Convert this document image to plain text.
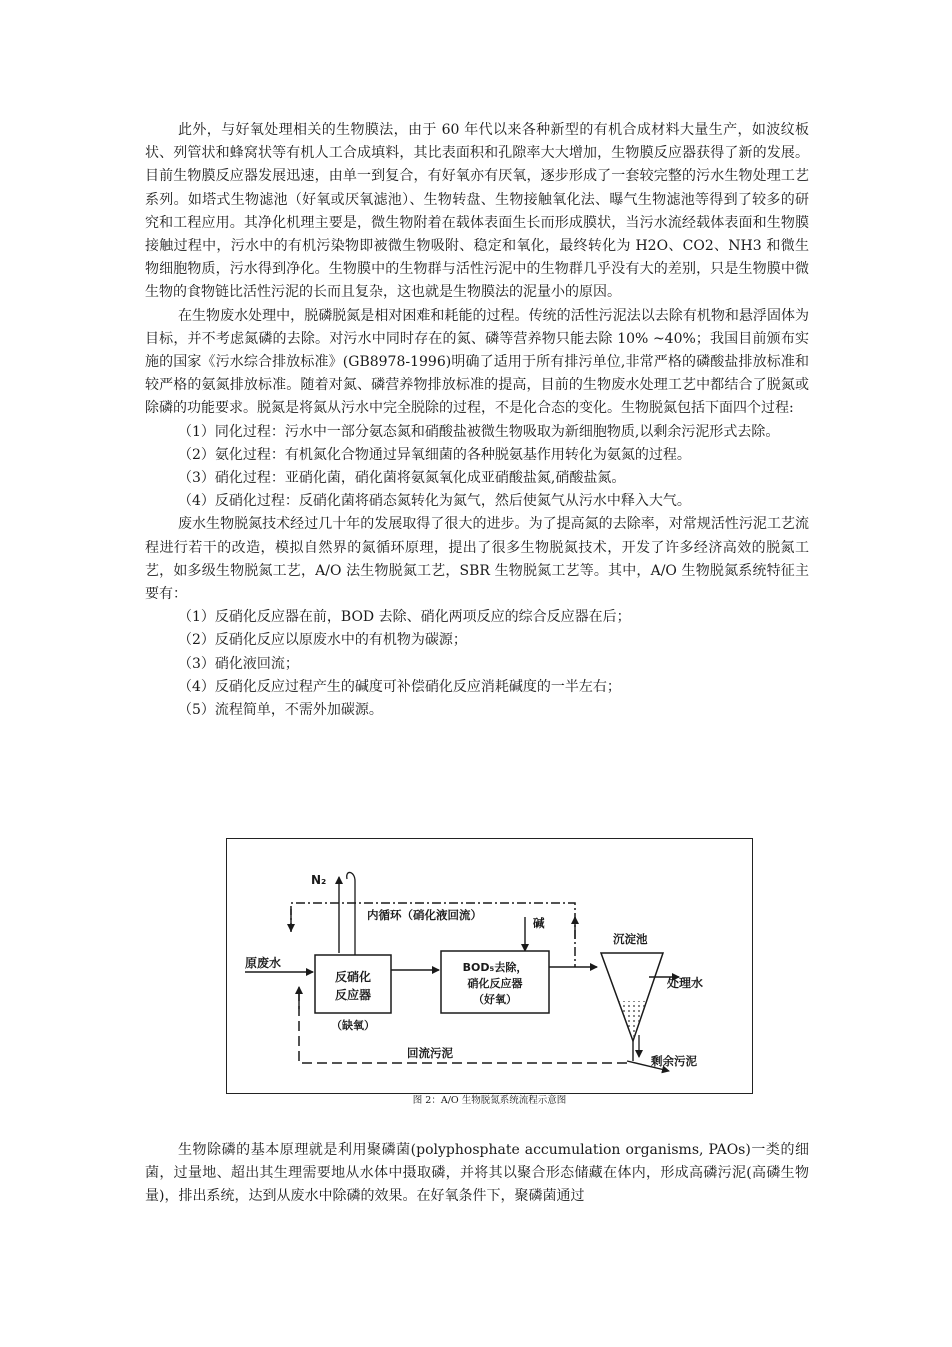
此外，与好氧处理相关的生物膜法，由于 60 年代以来各种新型的有机合成材料大量生产，如波纹板状、列管状和蜂窝状等有机人工合成填料，其比表面积和孔隙率大大增加，生物膜反应器获得了新的发展。目前生物膜反应器发展迅速，由单一到复合，有好氧亦有厌氧，逐步形成了一套较完整的污水生物处理工艺系列。如塔式生物滤池（好氧或厌氧滤池）、生物转盘、生物接触氧化法、曝气生物滤池等得到了较多的研究和工程应用。其净化机理主要是，微生物附着在载体表面生长而形成膜状，当污水流经载体表面和生物膜接触过程中，污水中的有机污染物即被微生物吸附、稳定和氧化，最终转化为 H2O、CO2、NH3 和微生物细胞物质，污水得到净化。生物膜中的生物群与活性污泥中的生物群几乎没有大的差别，只是生物膜中微生物的食物链比活性污泥的长而且复杂，这也就是生物膜法的泥量小的原因。

在生物废水处理中，脱磷脱氮是相对困难和耗能的过程。传统的活性污泥法以去除有机物和悬浮固体为目标，并不考虑氮磷的去除。对污水中同时存在的氮、磷等营养物只能去除 10% ~40%；我国目前颁布实施的国家《污水综合排放标准》(GB8978-1996)明确了适用于所有排污单位,非常严格的磷酸盐排放标准和较严格的氨氮排放标准。随着对氮、磷营养物排放标准的提高，目前的生物废水处理工艺中都结合了脱氮或除磷的功能要求。脱氮是将氮从污水中完全脱除的过程，不是化合态的变化。生物脱氮包括下面四个过程:

（1）同化过程：污水中一部分氨态氮和硝酸盐被微生物吸取为新细胞物质,以剩余污泥形式去除。

（2）氨化过程：有机氮化合物通过异氧细菌的各种脱氨基作用转化为氨氮的过程。

（3）硝化过程：亚硝化菌，硝化菌将氨氮氧化成亚硝酸盐氮,硝酸盐氮。

（4）反硝化过程：反硝化菌将硝态氮转化为氮气，然后使氮气从污水中释入大气。

废水生物脱氮技术经过几十年的发展取得了很大的进步。为了提高氮的去除率，对常规活性污泥工艺流程进行若干的改造，模拟自然界的氮循环原理，提出了很多生物脱氮技术，开发了许多经济高效的脱氮工艺，如多级生物脱氮工艺，A/O 法生物脱氮工艺，SBR 生物脱氮工艺等。其中，A/O 生物脱氮系统特征主要有：

（1）反硝化反应器在前，BOD 去除、硝化两项反应的综合反应器在后；

（2）反硝化反应以原废水中的有机物为碳源；

（3）硝化液回流；

（4）反硝化反应过程产生的碱度可补偿硝化反应消耗碱度的一半左右；

（5）流程简单，不需外加碳源。

N₂
内循环（硝化液回流）
碱
原废水
反硝化
反应器
（缺氧）
BOD₅去除，
硝化反应器
（好氧）
沉淀池
处理水
剩余污泥
回流污泥
图 2：A/O 生物脱氮系统流程示意图

生物除磷的基本原理就是利用聚磷菌(polyphosphate accumulation organisms, PAOs)一类的细菌，过量地、超出其生理需要地从水体中摄取磷，并将其以聚合形态储藏在体内，形成高磷污泥(高磷生物量)，排出系统，达到从废水中除磷的效果。在好氧条件下，聚磷菌通过
